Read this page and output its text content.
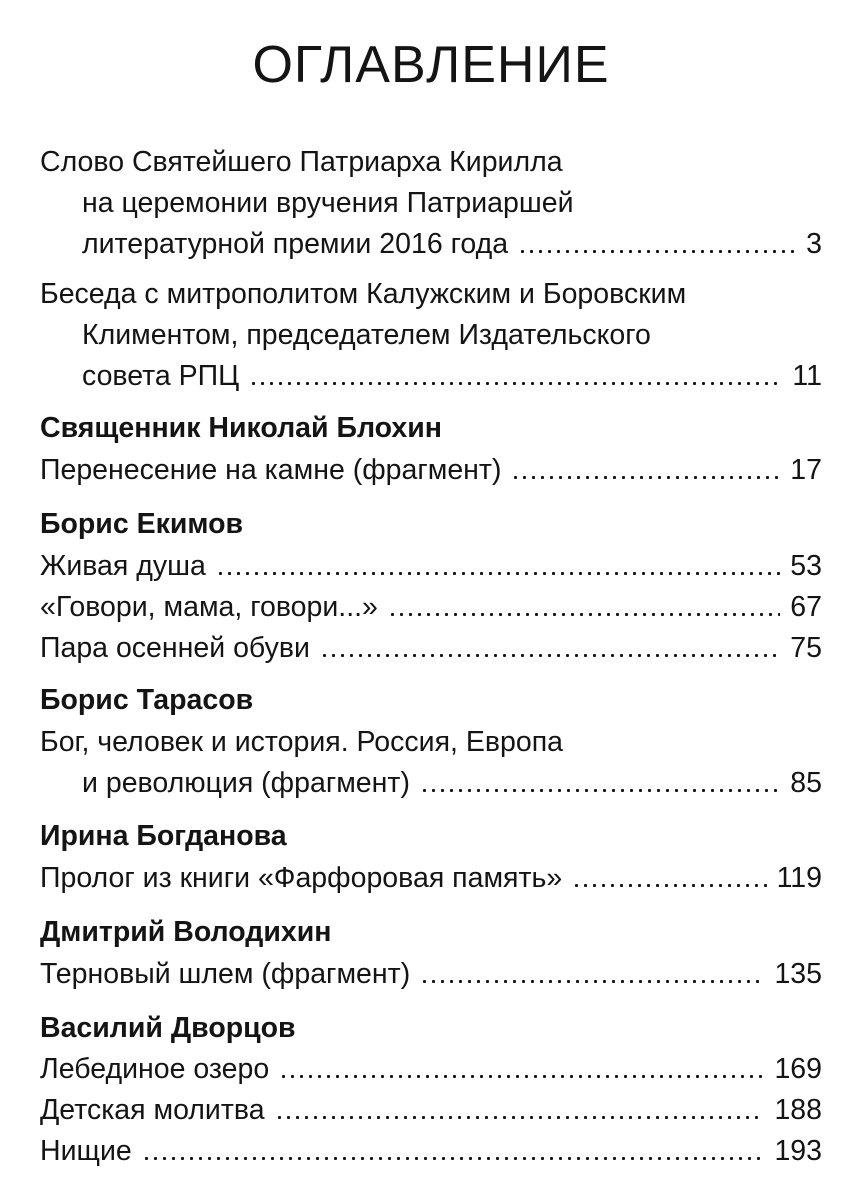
ОГЛАВЛЕНИЕ
Слово Святейшего Патриарха Кирилла
на церемонии вручения Патриаршей
литературной премии 2016 года	3
Беседа с митрополитом Калужским и Боровским
Климентом, председателем Издательского
совета РПЦ	11
Священник Николай Блохин
Перенесение на камне (фрагмент)	17
Борис Екимов
Живая душа	53
«Говори, мама, говори...»	67
Пара осенней обуви	75
Борис Тарасов
Бог, человек и история. Россия, Европа
и революция (фрагмент)	85
Ирина Богданова
Пролог из книги «Фарфоровая память»	119
Дмитрий Володихин
Терновый шлем (фрагмент)	135
Василий Дворцов
Лебединое озеро	169
Детская молитва	188
Нищие	193
